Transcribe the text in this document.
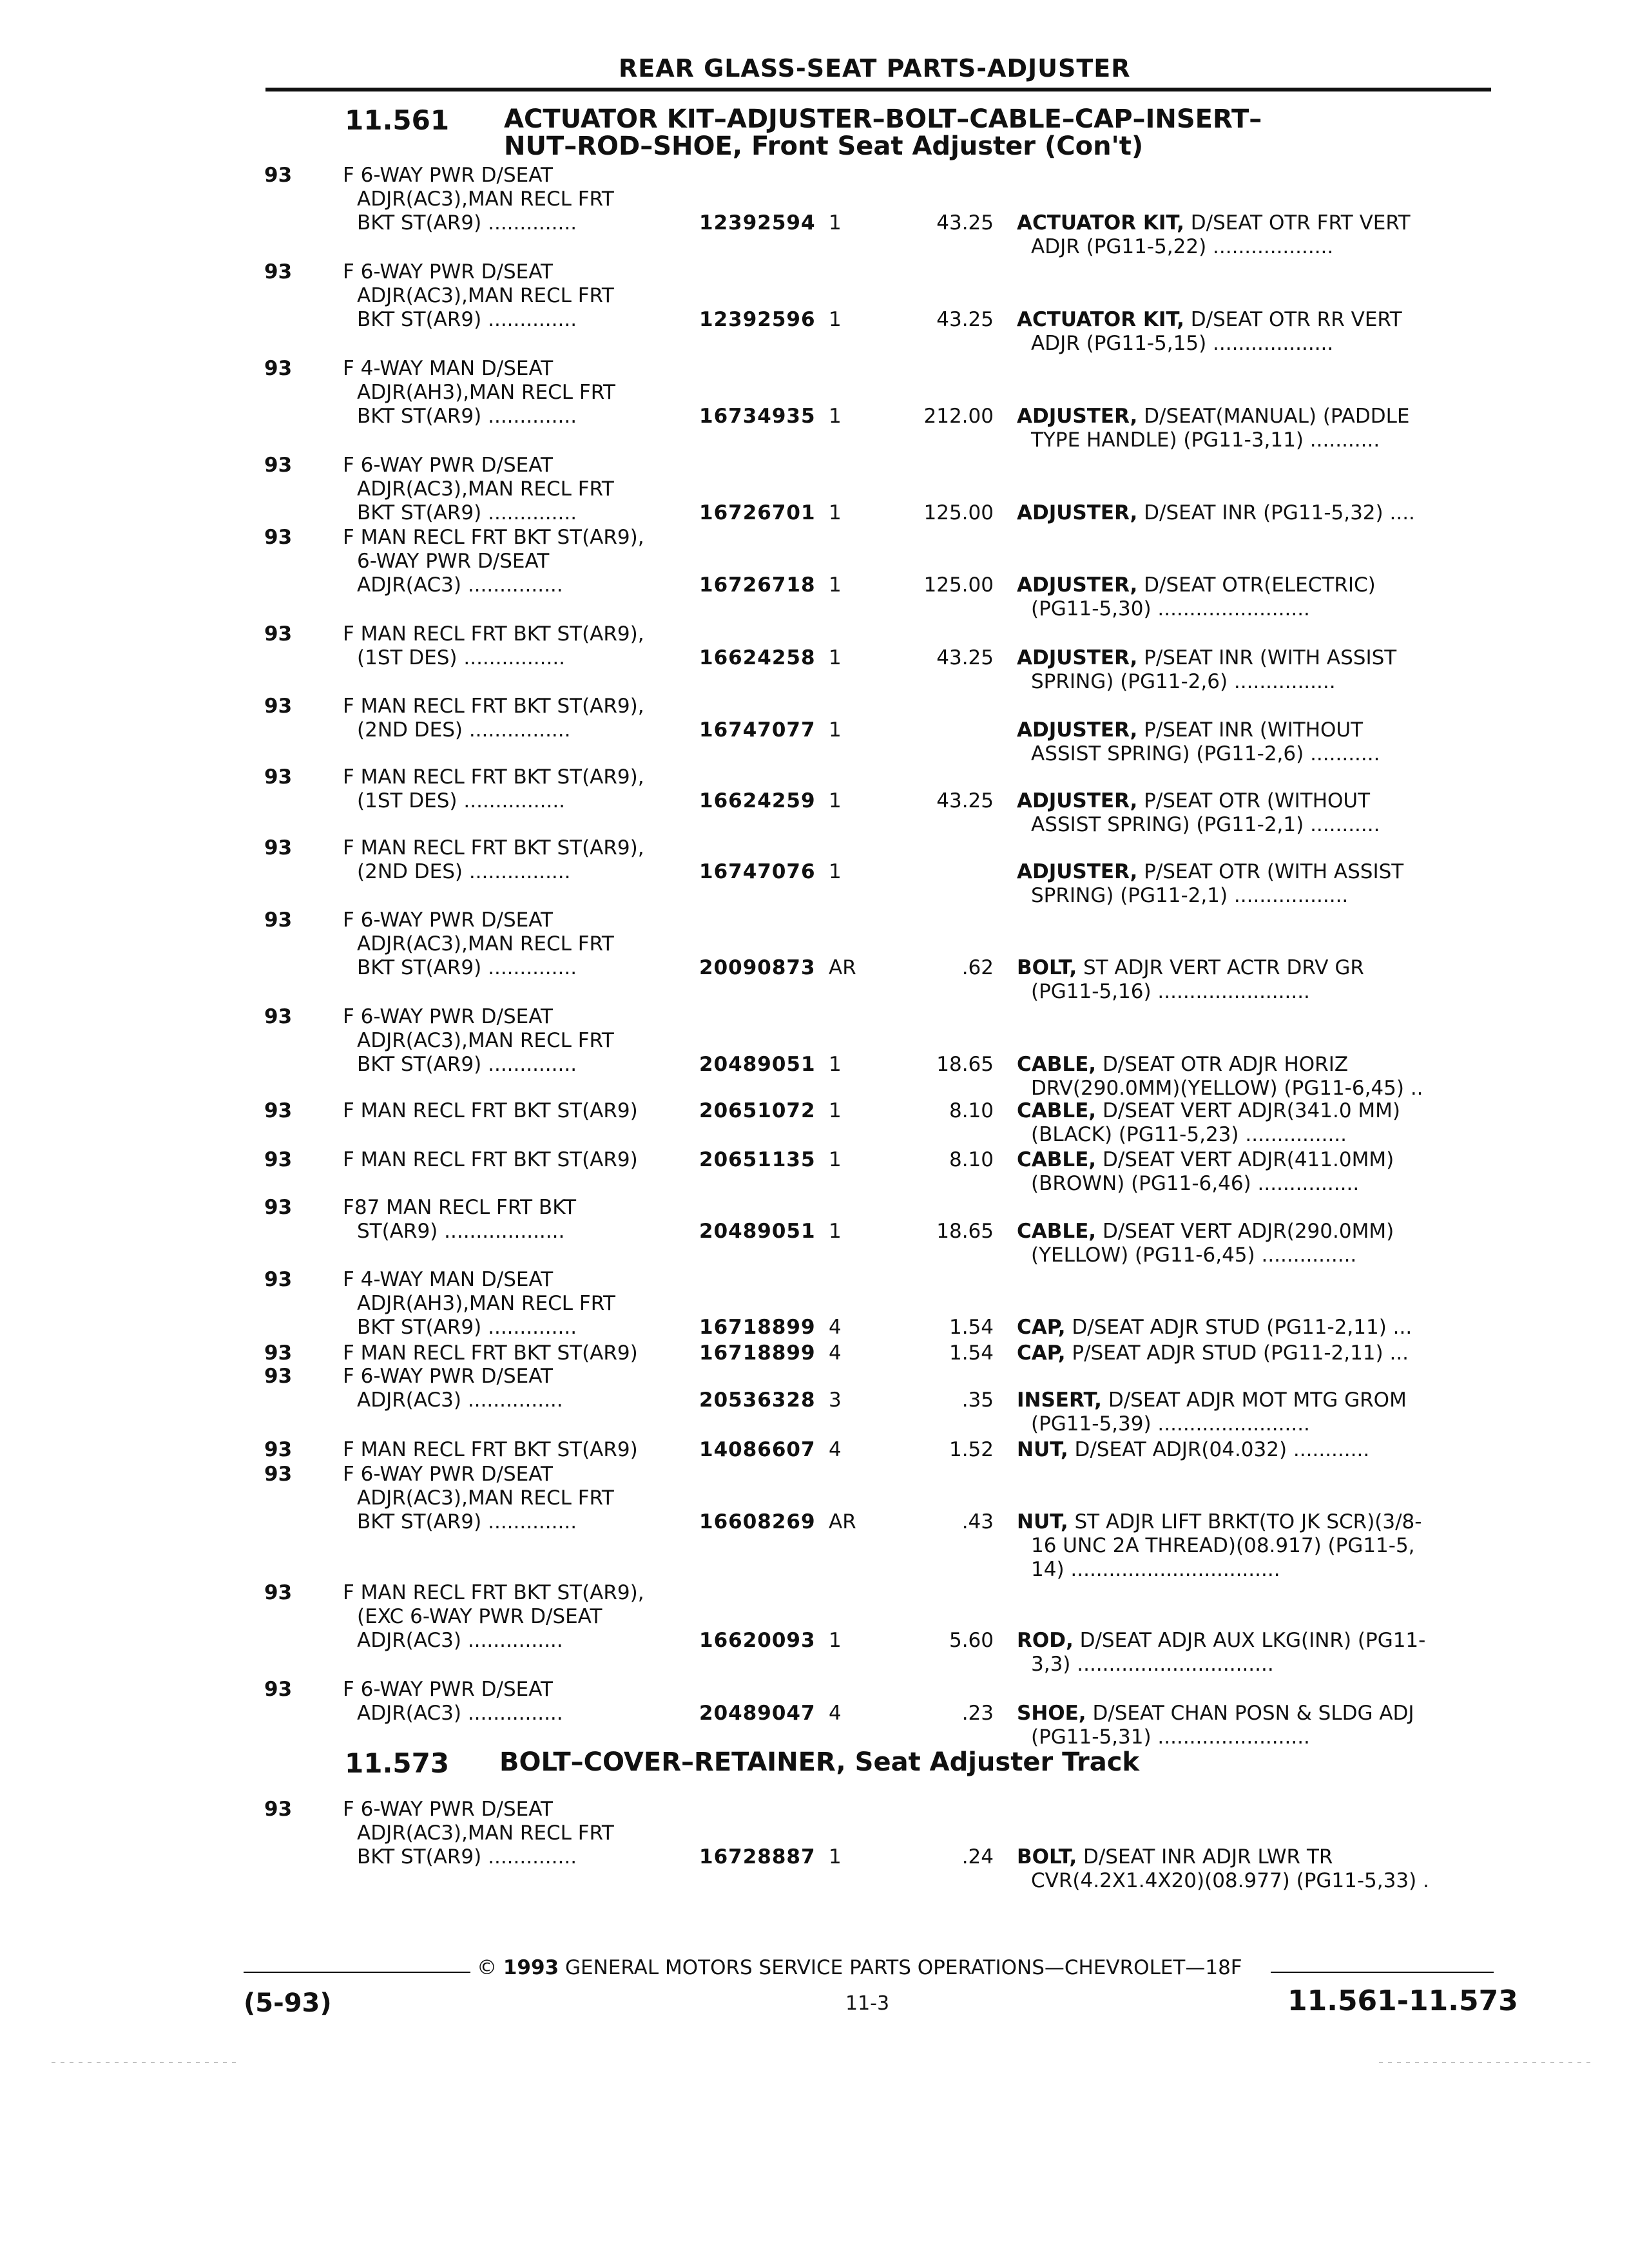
REAR GLASS-SEAT PARTS-ADJUSTER
11.561 ACTUATOR KIT–ADJUSTER–BOLT–CABLE–CAP–INSERT–
NUT–ROD–SHOE, Front Seat Adjuster (Con't)
11.573 BOLT–COVER–RETAINER, Seat Adjuster Track
93	F 6-WAY PWR D/SEAT
ADJR(AC3),MAN RECL FRT
BKT ST(AR9) ..............	12392594 1	43.25 ACTUATOR KIT, D/SEAT OTR FRT VERT
ADJR (PG11-5,22) ...................
93	F 6-WAY PWR D/SEAT
ADJR(AC3),MAN RECL FRT
BKT ST(AR9) ..............	12392596 1	43.25 ACTUATOR KIT, D/SEAT OTR RR VERT
ADJR (PG11-5,15) ...................
93	F 4-WAY MAN D/SEAT
ADJR(AH3),MAN RECL FRT
BKT ST(AR9) ..............	16734935 1	212.00 ADJUSTER, D/SEAT(MANUAL) (PADDLE
TYPE HANDLE) (PG11-3,11) ...........
93	F 6-WAY PWR D/SEAT
ADJR(AC3),MAN RECL FRT
BKT ST(AR9) ..............	16726701 1	125.00 ADJUSTER, D/SEAT INR (PG11-5,32) ....
93	F MAN RECL FRT BKT ST(AR9),
6-WAY PWR D/SEAT
ADJR(AC3) ...............	16726718 1	125.00 ADJUSTER, D/SEAT OTR(ELECTRIC)
(PG11-5,30) ........................
93	F MAN RECL FRT BKT ST(AR9),
(1ST DES) ................	16624258 1	43.25 ADJUSTER, P/SEAT INR (WITH ASSIST
SPRING) (PG11-2,6) ................
93	F MAN RECL FRT BKT ST(AR9),
(2ND DES) ................	16747077 1	ADJUSTER, P/SEAT INR (WITHOUT
ASSIST SPRING) (PG11-2,6) ...........
93	F MAN RECL FRT BKT ST(AR9),
(1ST DES) ................	16624259 1	43.25 ADJUSTER, P/SEAT OTR (WITHOUT
ASSIST SPRING) (PG11-2,1) ...........
93	F MAN RECL FRT BKT ST(AR9),
(2ND DES) ................	16747076 1	ADJUSTER, P/SEAT OTR (WITH ASSIST
SPRING) (PG11-2,1) ..................
93	F 6-WAY PWR D/SEAT
ADJR(AC3),MAN RECL FRT
BKT ST(AR9) ..............	20090873 AR	.62 BOLT, ST ADJR VERT ACTR DRV GR
(PG11-5,16) ........................
93	F 6-WAY PWR D/SEAT
ADJR(AC3),MAN RECL FRT
BKT ST(AR9) ..............	20489051 1	18.65 CABLE, D/SEAT OTR ADJR HORIZ
DRV(290.0MM)(YELLOW) (PG11-6,45) ..
93	F MAN RECL FRT BKT ST(AR9)	20651072 1	8.10 CABLE, D/SEAT VERT ADJR(341.0 MM)
(BLACK) (PG11-5,23) ................
93	F MAN RECL FRT BKT ST(AR9)	20651135 1	8.10 CABLE, D/SEAT VERT ADJR(411.0MM)
(BROWN) (PG11-6,46) ................
93	F87 MAN RECL FRT BKT
ST(AR9) ...................	20489051 1	18.65 CABLE, D/SEAT VERT ADJR(290.0MM)
(YELLOW) (PG11-6,45) ...............
93	F 4-WAY MAN D/SEAT
ADJR(AH3),MAN RECL FRT
BKT ST(AR9) ..............	16718899 4	1.54 CAP, D/SEAT ADJR STUD (PG11-2,11) ...
93	F MAN RECL FRT BKT ST(AR9)	16718899 4	1.54 CAP, P/SEAT ADJR STUD (PG11-2,11) ...
93	F 6-WAY PWR D/SEAT
ADJR(AC3) ...............	20536328 3	.35 INSERT, D/SEAT ADJR MOT MTG GROM
(PG11-5,39) ........................
93	F MAN RECL FRT BKT ST(AR9)	14086607 4	1.52 NUT, D/SEAT ADJR(04.032) ............
93	F 6-WAY PWR D/SEAT
ADJR(AC3),MAN RECL FRT
BKT ST(AR9) ..............	16608269 AR	.43 NUT, ST ADJR LIFT BRKT(TO JK SCR)(3/8-
16 UNC 2A THREAD)(08.917) (PG11-5,
14) .................................
93	F MAN RECL FRT BKT ST(AR9),
(EXC 6-WAY PWR D/SEAT
ADJR(AC3) ...............	16620093 1	5.60 ROD, D/SEAT ADJR AUX LKG(INR) (PG11-
3,3) ...............................
93	F 6-WAY PWR D/SEAT
ADJR(AC3) ...............	20489047 4	.23 SHOE, D/SEAT CHAN POSN & SLDG ADJ
(PG11-5,31) ........................
93	F 6-WAY PWR D/SEAT
ADJR(AC3),MAN RECL FRT
BKT ST(AR9) ..............	16728887 1	.24 BOLT, D/SEAT INR ADJR LWR TR
CVR(4.2X1.4X20)(08.977) (PG11-5,33) .
© 1993 GENERAL MOTORS SERVICE PARTS OPERATIONS—CHEVROLET—18F
(5-93)	11-3	11.561-11.573
